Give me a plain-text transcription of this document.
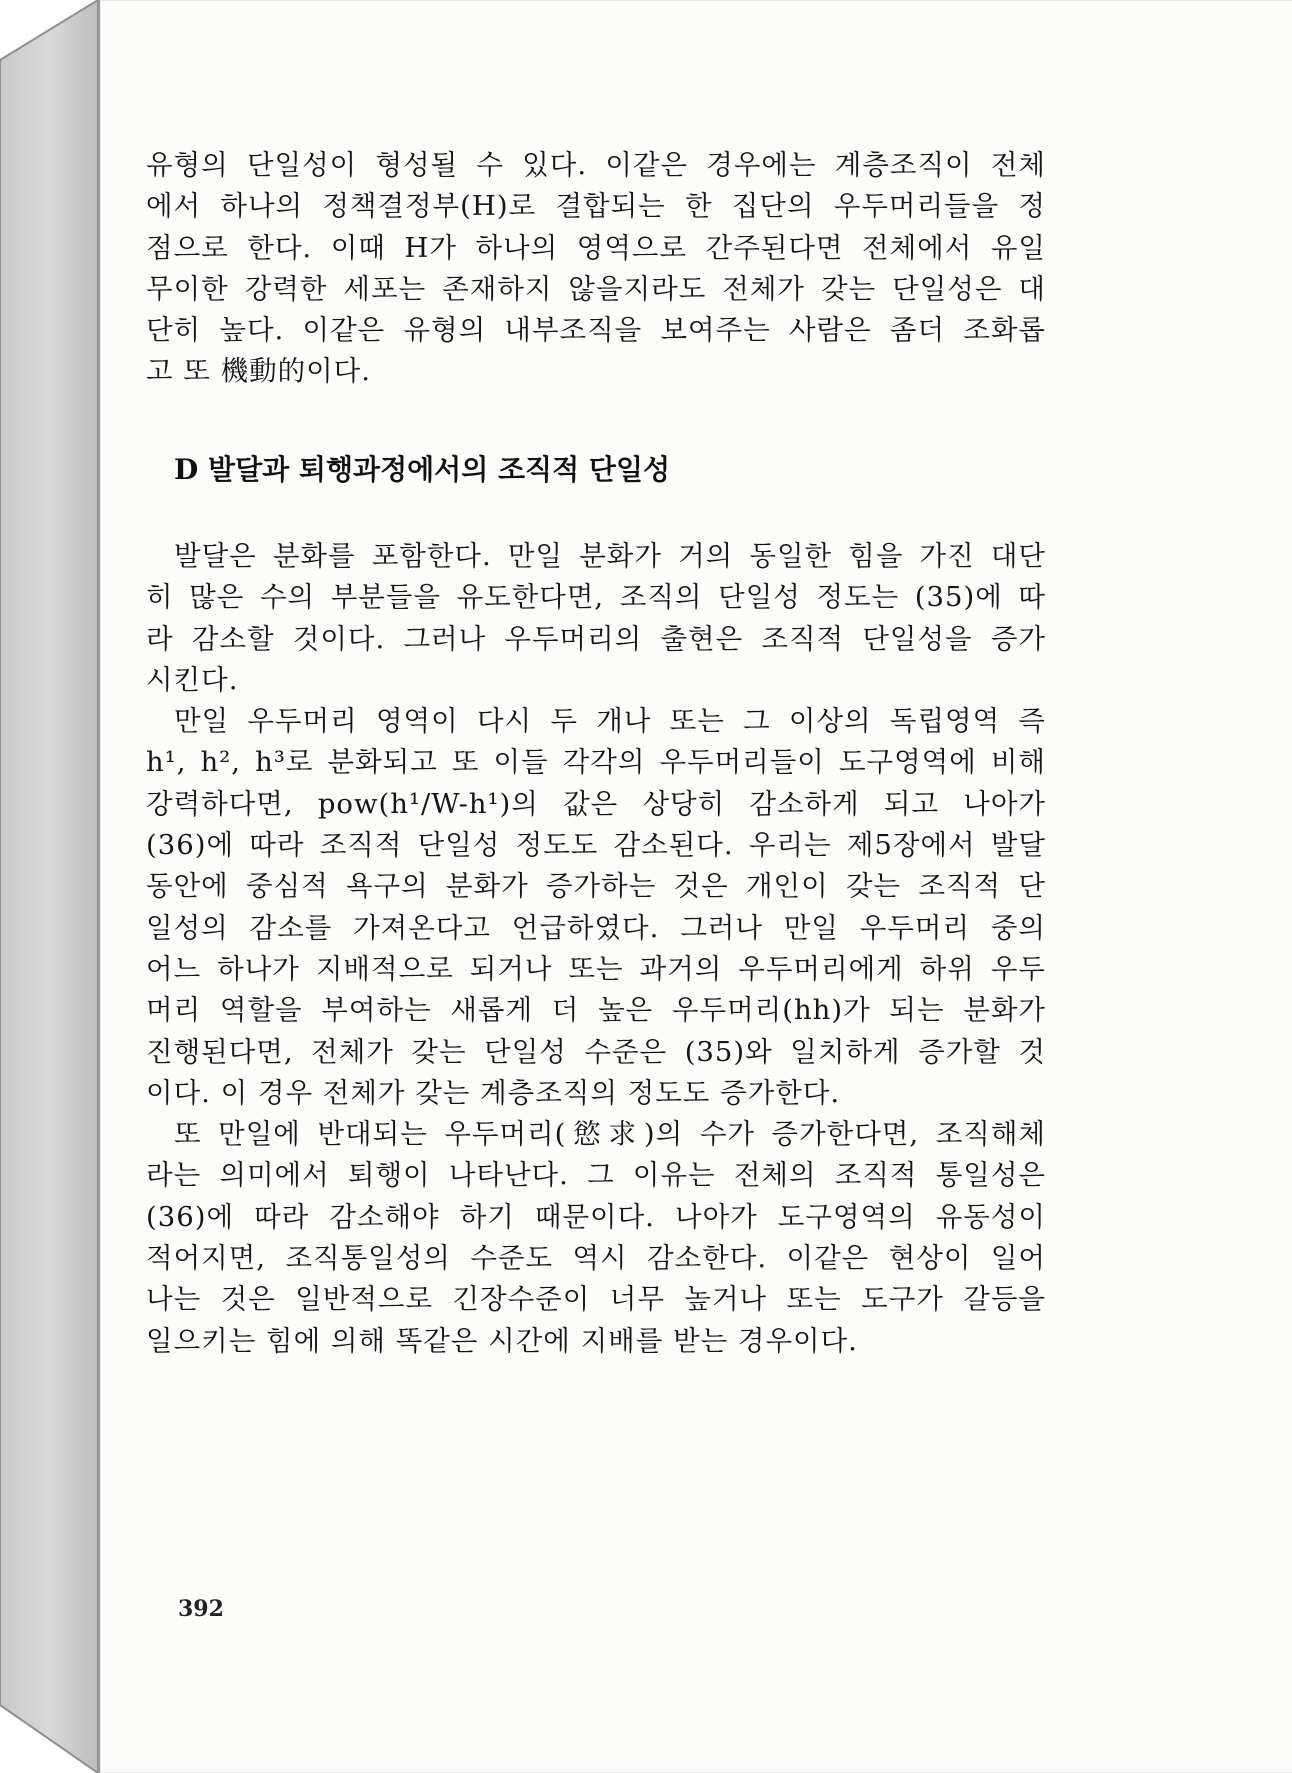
유형의 단일성이 형성될 수 있다. 이같은 경우에는 계층조직이 전체
에서 하나의 정책결정부(H)로 결합되는 한 집단의 우두머리들을 정
점으로 한다. 이때 H가 하나의 영역으로 간주된다면 전체에서 유일
무이한 강력한 세포는 존재하지 않을지라도 전체가 갖는 단일성은 대
단히 높다. 이같은 유형의 내부조직을 보여주는 사람은 좀더 조화롭
고 또 機動的이다.
D 발달과 퇴행과정에서의 조직적 단일성
발달은 분화를 포함한다. 만일 분화가 거의 동일한 힘을 가진 대단
히 많은 수의 부분들을 유도한다면, 조직의 단일성 정도는 (35)에 따
라 감소할 것이다. 그러나 우두머리의 출현은 조직적 단일성을 증가
시킨다.
만일 우두머리 영역이 다시 두 개나 또는 그 이상의 독립영역 즉
h¹, h², h³로 분화되고 또 이들 각각의 우두머리들이 도구영역에 비해
강력하다면, pow(h¹/W-h¹)의 값은 상당히 감소하게 되고 나아가
(36)에 따라 조직적 단일성 정도도 감소된다. 우리는 제5장에서 발달
동안에 중심적 욕구의 분화가 증가하는 것은 개인이 갖는 조직적 단
일성의 감소를 가져온다고 언급하였다. 그러나 만일 우두머리 중의
어느 하나가 지배적으로 되거나 또는 과거의 우두머리에게 하위 우두
머리 역할을 부여하는 새롭게 더 높은 우두머리(hh)가 되는 분화가
진행된다면, 전체가 갖는 단일성 수준은 (35)와 일치하게 증가할 것
이다. 이 경우 전체가 갖는 계층조직의 정도도 증가한다.
또 만일에 반대되는 우두머리(慾求)의 수가 증가한다면, 조직해체
라는 의미에서 퇴행이 나타난다. 그 이유는 전체의 조직적 통일성은
(36)에 따라 감소해야 하기 때문이다. 나아가 도구영역의 유동성이
적어지면, 조직통일성의 수준도 역시 감소한다. 이같은 현상이 일어
나는 것은 일반적으로 긴장수준이 너무 높거나 또는 도구가 갈등을
일으키는 힘에 의해 똑같은 시간에 지배를 받는 경우이다.
392
